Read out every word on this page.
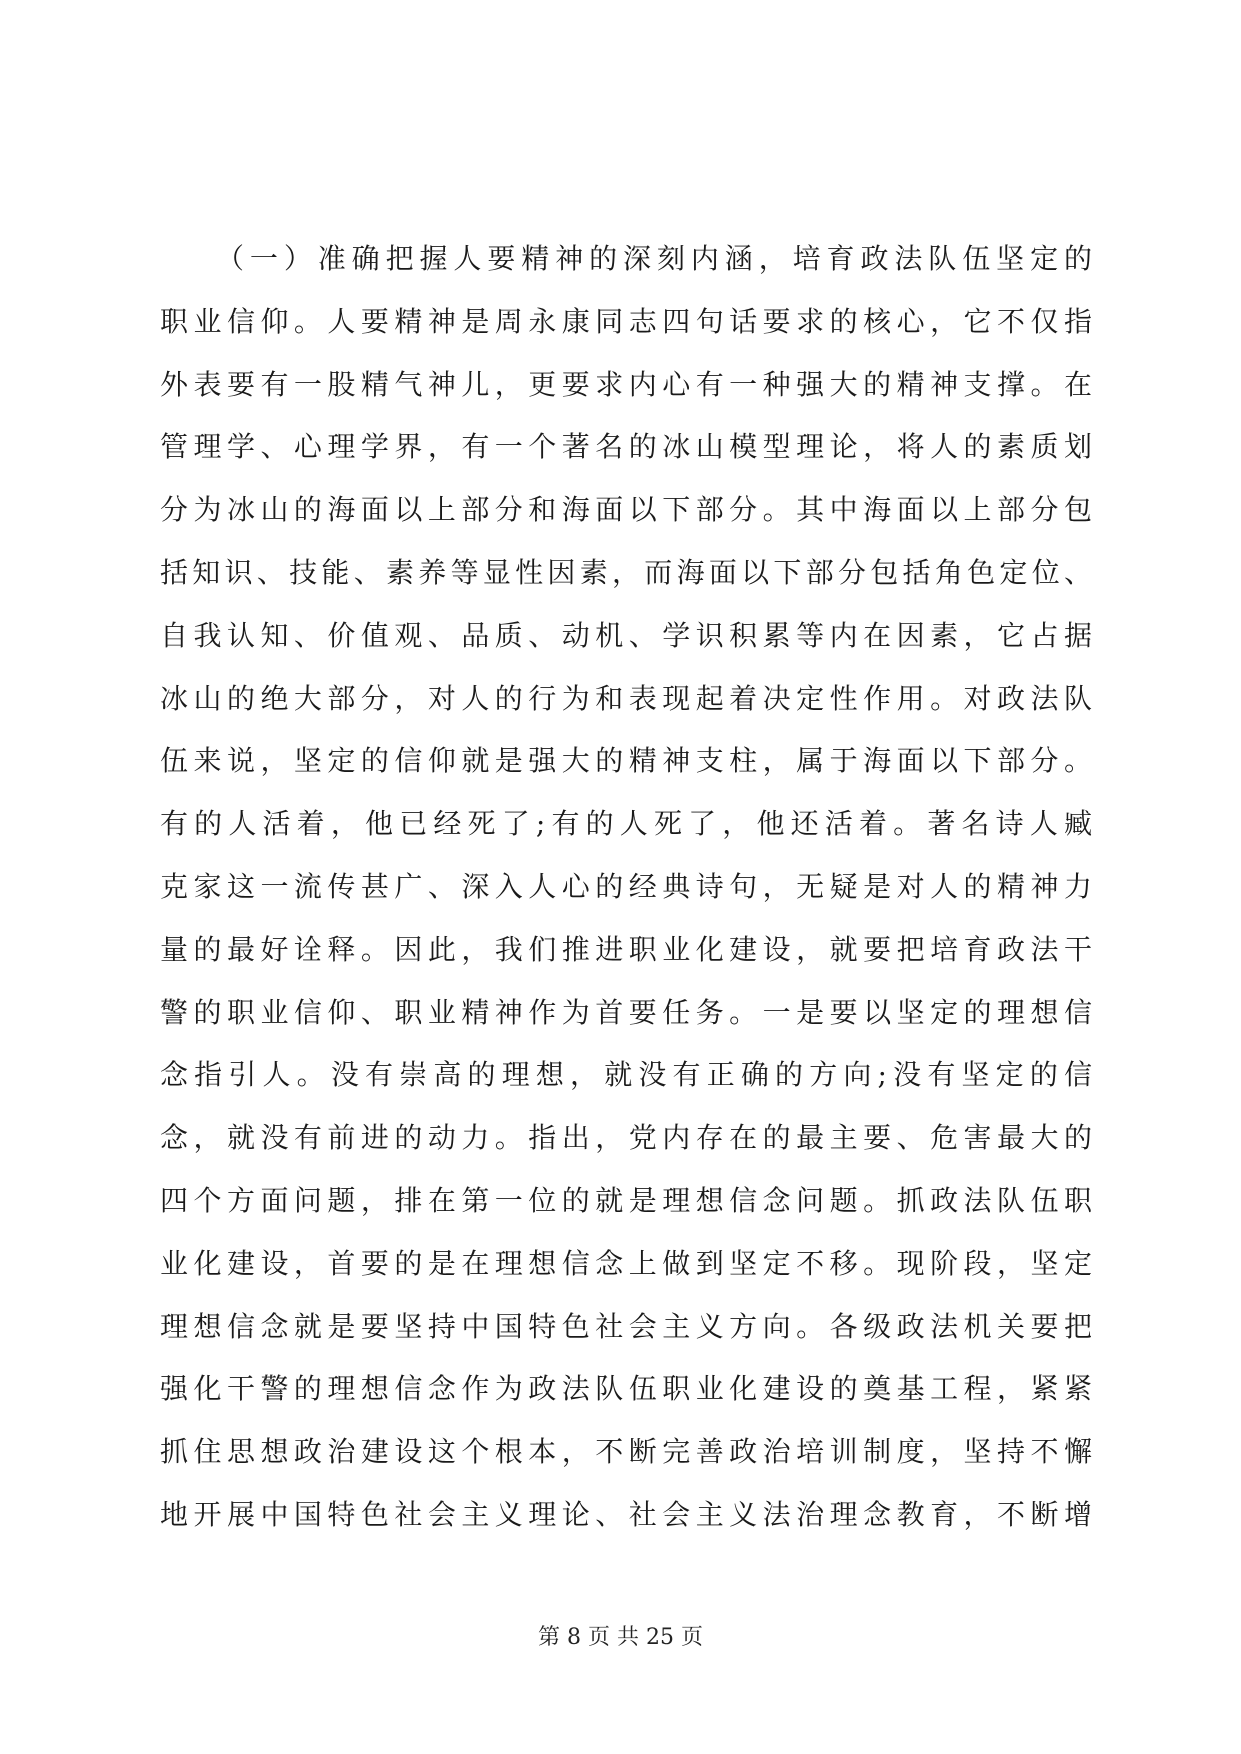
（一）准确把握人要精神的深刻内涵，培育政法队伍坚定的
职业信仰。人要精神是周永康同志四句话要求的核心，它不仅指
外表要有一股精气神儿，更要求内心有一种强大的精神支撑。在
管理学、心理学界，有一个著名的冰山模型理论，将人的素质划
分为冰山的海面以上部分和海面以下部分。其中海面以上部分包
括知识、技能、素养等显性因素，而海面以下部分包括角色定位、
自我认知、价值观、品质、动机、学识积累等内在因素，它占据
冰山的绝大部分，对人的行为和表现起着决定性作用。对政法队
伍来说，坚定的信仰就是强大的精神支柱，属于海面以下部分。
有的人活着，他已经死了;有的人死了，他还活着。著名诗人臧
克家这一流传甚广、深入人心的经典诗句，无疑是对人的精神力
量的最好诠释。因此，我们推进职业化建设，就要把培育政法干
警的职业信仰、职业精神作为首要任务。一是要以坚定的理想信
念指引人。没有崇高的理想，就没有正确的方向;没有坚定的信
念，就没有前进的动力。指出，党内存在的最主要、危害最大的
四个方面问题，排在第一位的就是理想信念问题。抓政法队伍职
业化建设，首要的是在理想信念上做到坚定不移。现阶段，坚定
理想信念就是要坚持中国特色社会主义方向。各级政法机关要把
强化干警的理想信念作为政法队伍职业化建设的奠基工程，紧紧
抓住思想政治建设这个根本，不断完善政治培训制度，坚持不懈
地开展中国特色社会主义理论、社会主义法治理念教育，不断增
第 8 页 共 25 页
